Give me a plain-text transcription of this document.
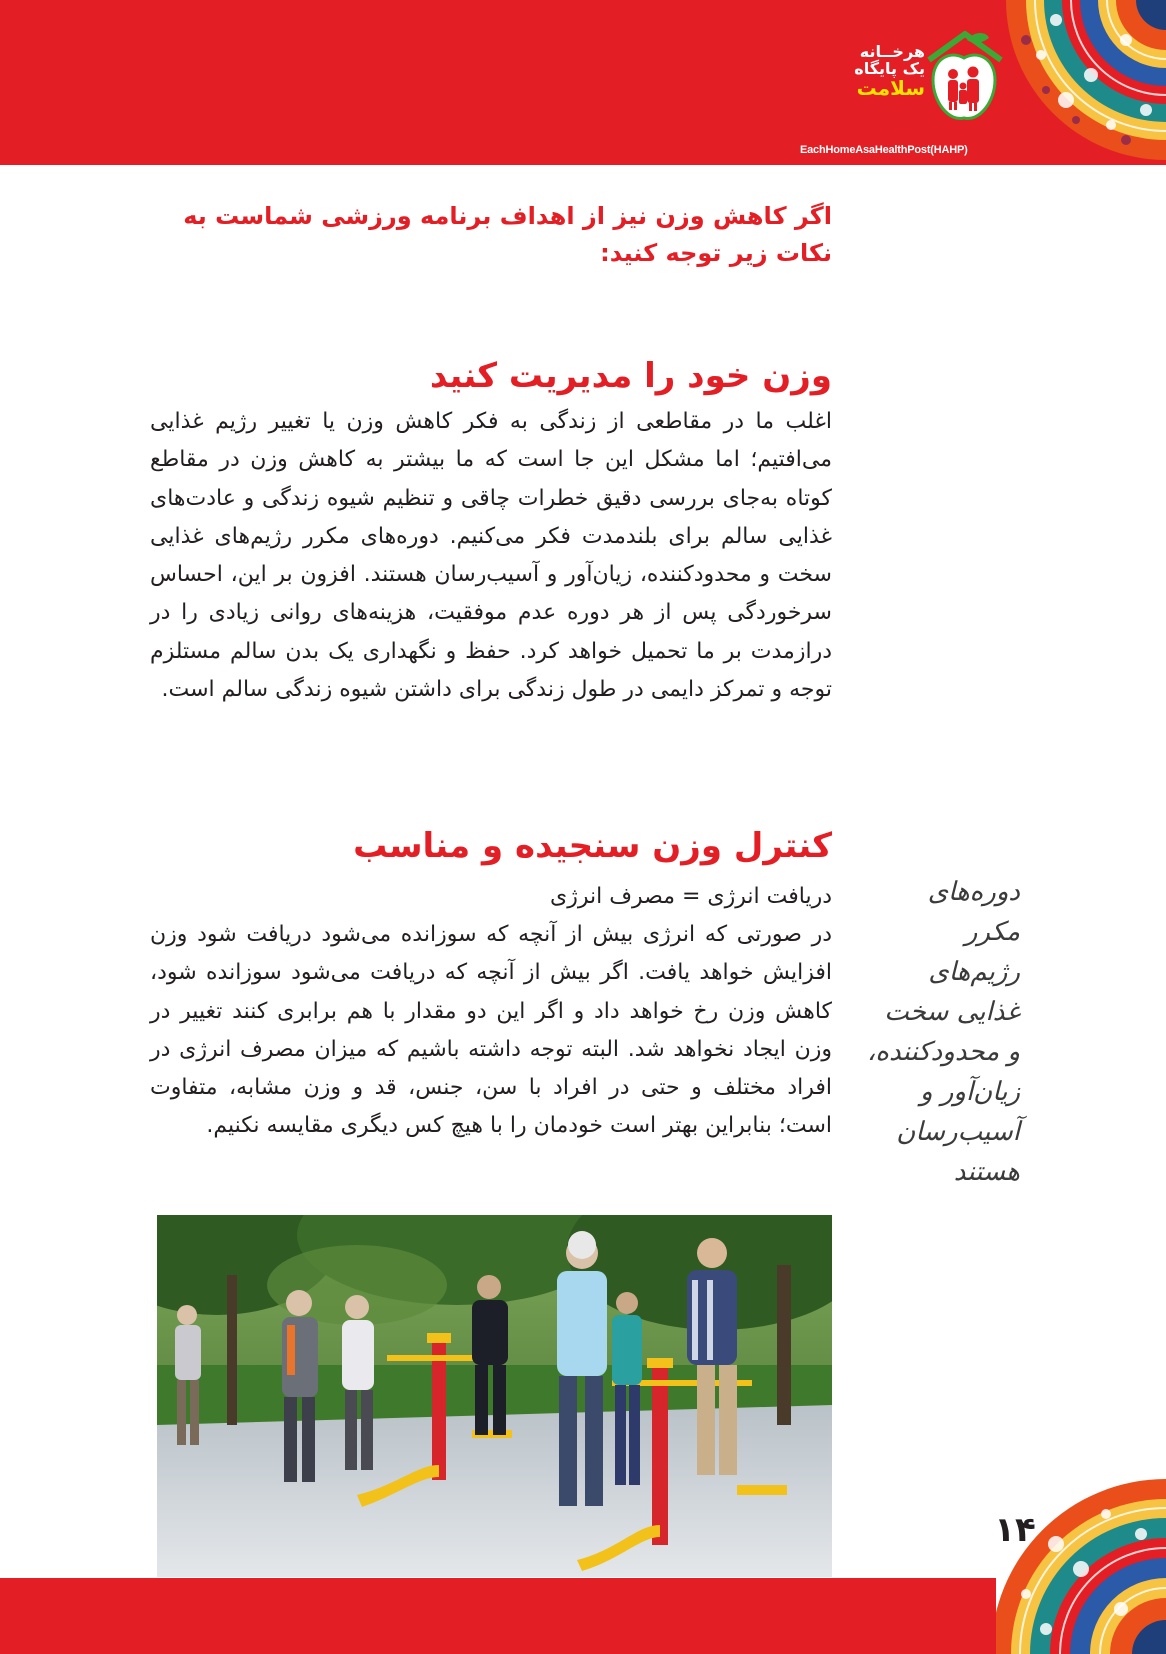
هرخــانه
یک پایگاه
سلامت
EachHomeAsaHealthPost(HAHP)
اگر کاهش وزن نیز از اهداف برنامه ورزشی شماست به نکات زیر توجه کنید:
وزن خود را مدیریت کنید
اغلب ما در مقاطعی از زندگی به فکر کاهش وزن یا تغییر رژیم غذایی می‌افتیم؛ اما مشکل این جا است که ما بیشتر به کاهش وزن در مقاطع کوتاه به‌جای بررسی دقیق خطرات چاقی و تنظیم شیوه زندگی و عادت‌های غذایی سالم برای بلندمدت فکر می‌کنیم. دوره‌های مکرر رژیم‌های غذایی سخت و محدودکننده، زیان‌آور و آسیب‌رسان هستند. افزون بر این، احساس سرخوردگی پس از هر دوره عدم موفقیت، هزینه‌های روانی زیادی را در درازمدت بر ما تحمیل خواهد کرد. حفظ و نگهداری یک بدن سالم مستلزم توجه و تمرکز دایمی در طول زندگی برای داشتن شیوه زندگی سالم است.
کنترل وزن سنجیده و مناسب
دریافت انرژی = مصرف انرژی
در صورتی که انرژی بیش از آنچه که سوزانده می‌شود دریافت شود وزن افزایش خواهد یافت. اگر بیش از آنچه که دریافت می‌شود سوزانده شود، کاهش وزن رخ خواهد داد و اگر این دو مقدار با هم برابری کنند تغییر در وزن ایجاد نخواهد شد. البته توجه داشته باشیم که میزان مصرف انرژی در افراد مختلف و حتی در افراد با سن، جنس، قد و وزن مشابه، متفاوت است؛ بنابراین بهتر است خودمان را با هیچ کس دیگری مقایسه نکنیم.
دوره‌های
مکرر
رژیم‌های
غذایی سخت
و محدودکننده،
زیان‌آور و
آسیب‌رسان
هستند
۱۴
